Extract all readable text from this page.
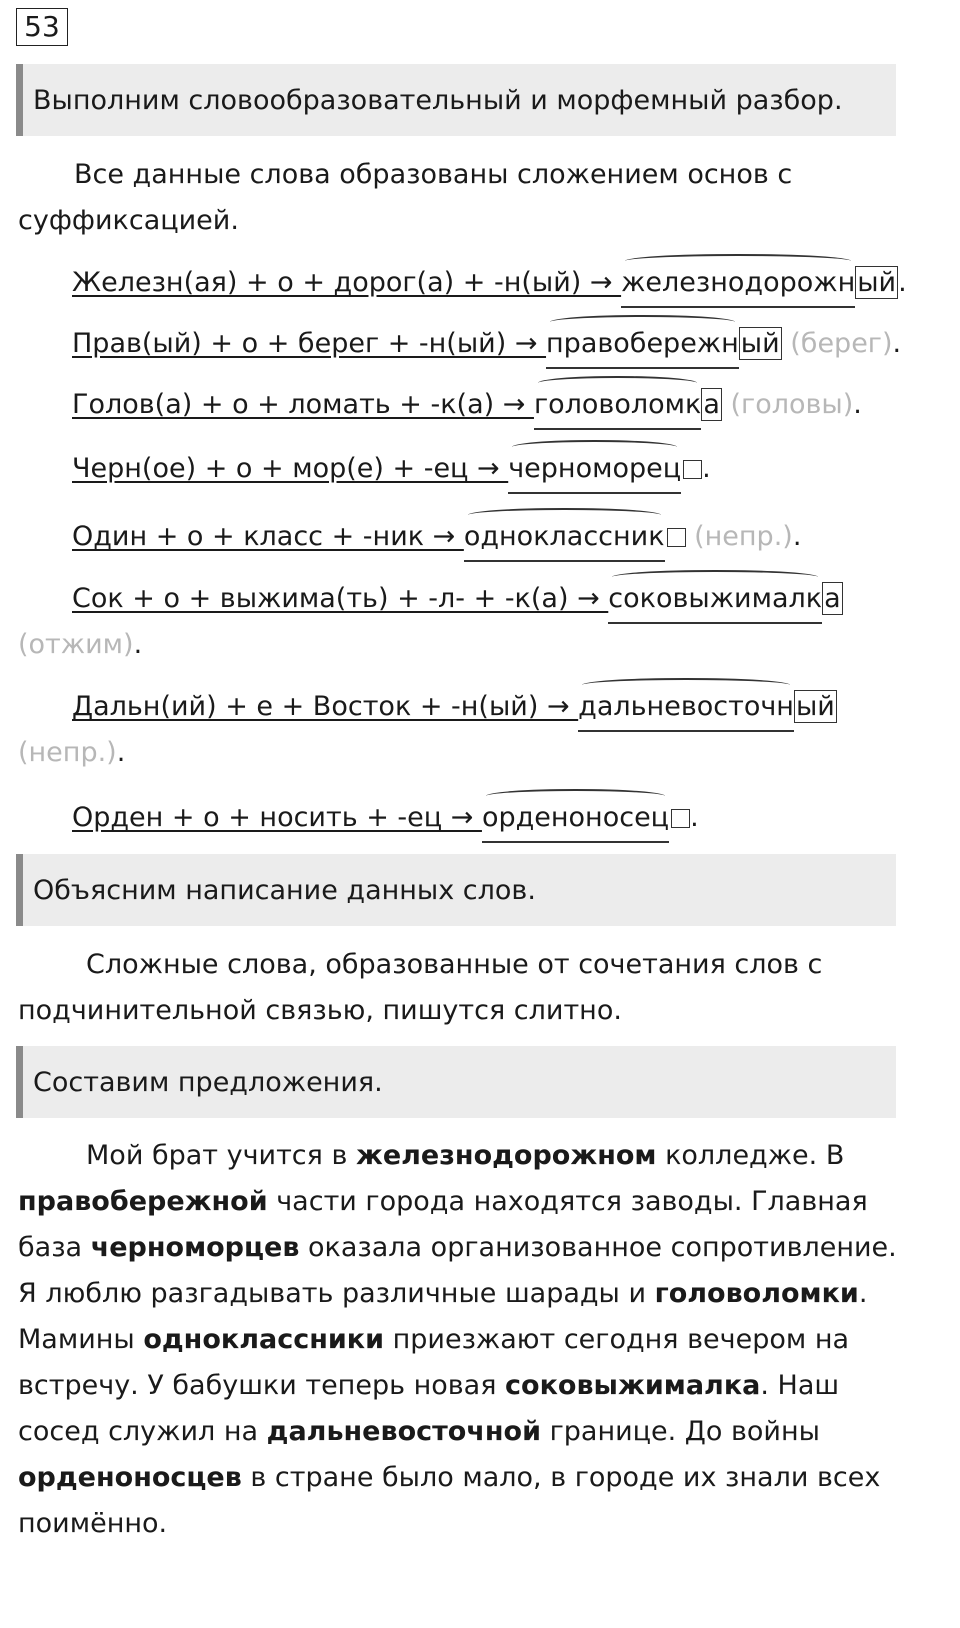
53
Выполним словообразовательный и морфемный разбор.
Все данные слова образованы сложением основ с суффиксацией.
Железн(ая) + о + дорог(а) + -н(ый) → железнодорожный.
Прав(ый) + о + берег + -н(ый) → правобережный (берег).
Голов(а) + о + ломать + -к(а) → головоломка (головы).
Черн(ое) + о + мор(е) + -ец → черноморец .
Один + о + класс + -ник → одноклассник (непр.).
Сок + о + выжима(ть) + -л- + -к(а) → соковыжималка
(отжим).
Дальн(ий) + е + Восток + -н(ый) → дальневосточный
(непр.).
Орден + о + носить + -ец → орденоносец .
Объясним написание данных слов.
Сложные слова, образованные от сочетания слов с подчинительной связью, пишутся слитно.
Составим предложения.
Мой брат учится в железнодорожном колледже. В правобережной части города находятся заводы. Главная база черноморцев оказала организованное сопротивление. Я люблю разгадывать различные шарады и головоломки. Мамины одноклассники приезжают сегодня вечером на встречу. У бабушки теперь новая соковыжималка. Наш сосед служил на дальневосточной границе. До войны орденоносцев в стране было мало, в городе их знали всех поимённо.
